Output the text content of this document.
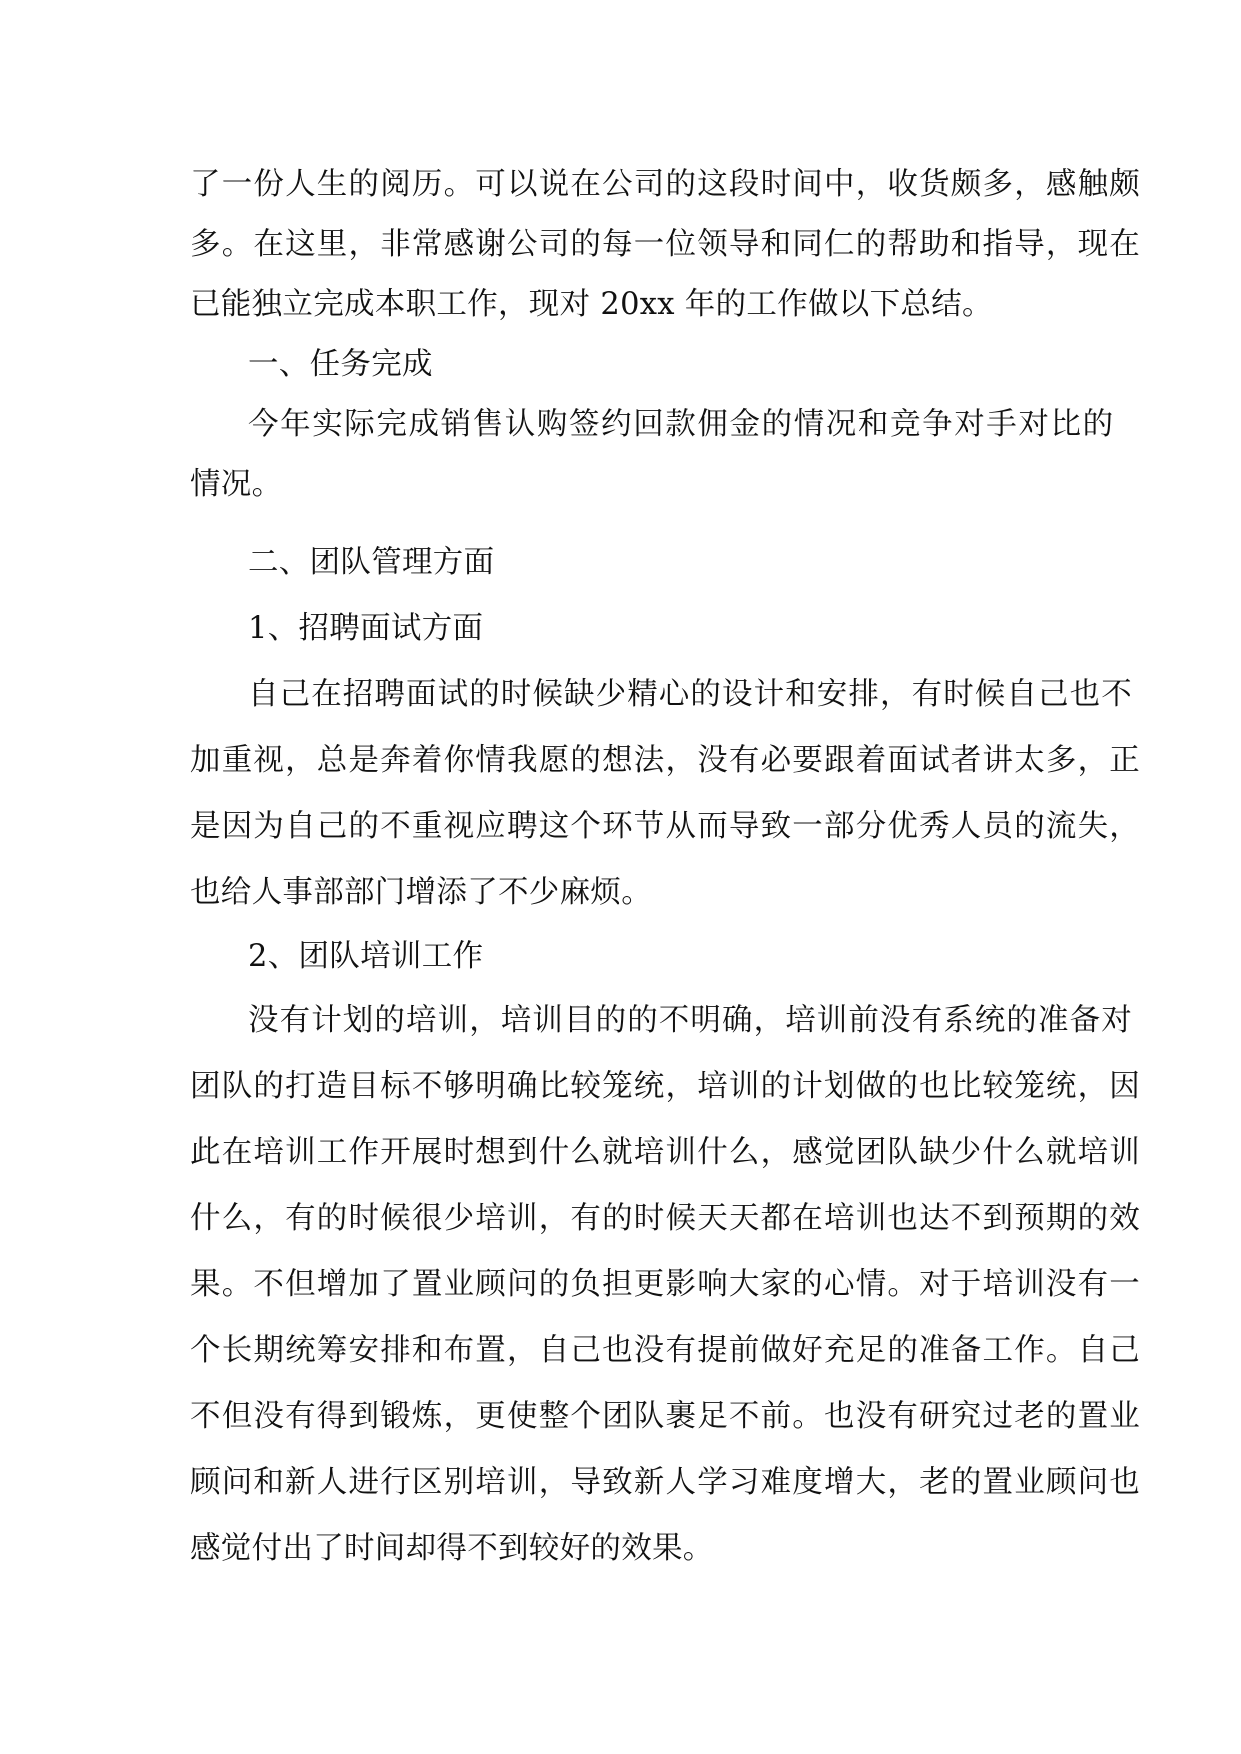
了一份人生的阅历。可以说在公司的这段时间中，收货颇多，感触颇
多。在这里，非常感谢公司的每一位领导和同仁的帮助和指导，现在
已能独立完成本职工作，现对 20xx 年的工作做以下总结。
一、任务完成
今年实际完成销售认购签约回款佣金的情况和竞争对手对比的
情况。
二、团队管理方面
1、招聘面试方面
自己在招聘面试的时候缺少精心的设计和安排，有时候自己也不
加重视，总是奔着你情我愿的想法，没有必要跟着面试者讲太多，正
是因为自己的不重视应聘这个环节从而导致一部分优秀人员的流失，
也给人事部部门增添了不少麻烦。
2、团队培训工作
没有计划的培训，培训目的的不明确，培训前没有系统的准备对
团队的打造目标不够明确比较笼统，培训的计划做的也比较笼统，因
此在培训工作开展时想到什么就培训什么，感觉团队缺少什么就培训
什么，有的时候很少培训，有的时候天天都在培训也达不到预期的效
果。不但增加了置业顾问的负担更影响大家的心情。对于培训没有一
个长期统筹安排和布置，自己也没有提前做好充足的准备工作。自己
不但没有得到锻炼，更使整个团队裹足不前。也没有研究过老的置业
顾问和新人进行区别培训，导致新人学习难度增大，老的置业顾问也
感觉付出了时间却得不到较好的效果。
